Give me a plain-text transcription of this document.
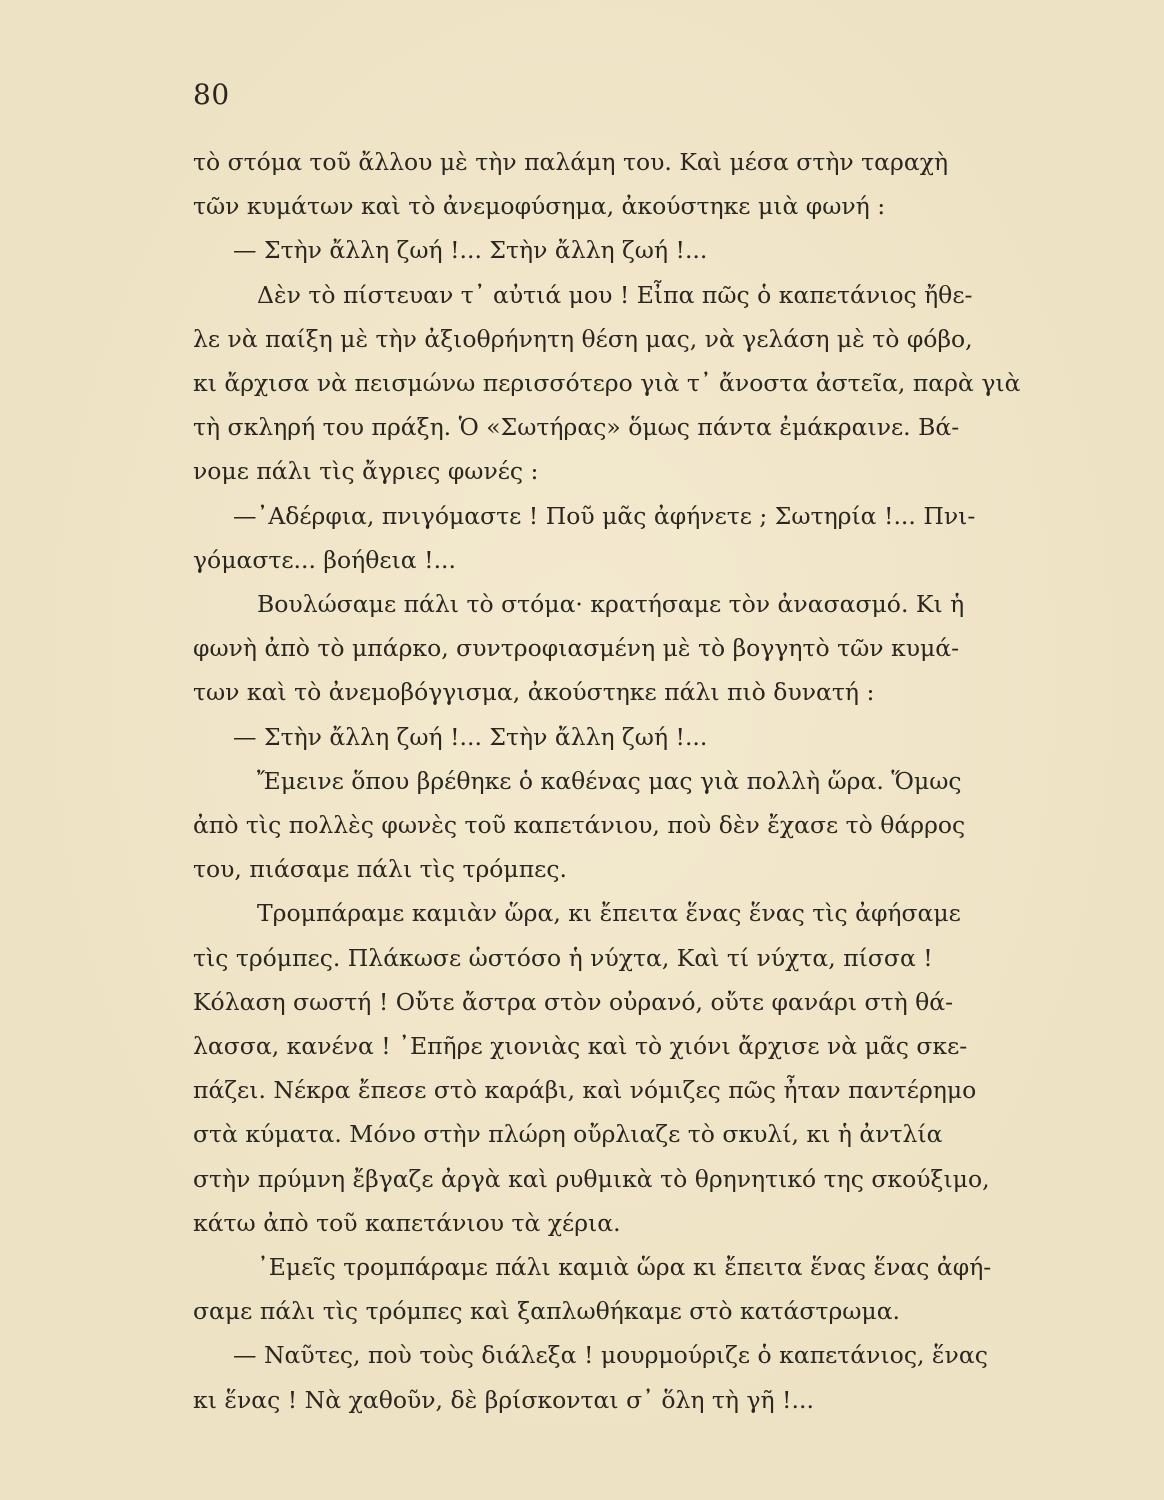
80
τὸ στόμα τοῦ ἄλλου μὲ τὴν παλάμη του. Καὶ μέσα στὴν ταραχὴ
τῶν κυμάτων καὶ τὸ ἀνεμοφύσημα, ἀκούστηκε μιὰ φωνή :
— Στὴν ἄλλη ζωή !... Στὴν ἄλλη ζωή !...
Δὲν τὸ πίστευαν τ᾽ αὐτιά μου ! Εἶπα πῶς ὁ καπετάνιος ἤθε-
λε νὰ παίξη μὲ τὴν ἀξιοθρήνητη θέση μας, νὰ γελάση μὲ τὸ φόβο,
κι ἄρχισα νὰ πεισμώνω περισσότερο γιὰ τ᾽ ἄνοστα ἀστεῖα, παρὰ γιὰ
τὴ σκληρή του πράξη. Ὁ «Σωτήρας» ὅμως πάντα ἐμάκραινε. Βά-
νομε πάλι τὶς ἄγριες φωνές :
—᾽Αδέρφια, πνιγόμαστε ! Ποῦ μᾶς ἀφήνετε ; Σωτηρία !... Πνι-
γόμαστε... βοήθεια !...
Βουλώσαμε πάλι τὸ στόμα· κρατήσαμε τὸν ἀνασασμό. Κι ἡ
φωνὴ ἀπὸ τὸ μπάρκο, συντροφιασμένη μὲ τὸ βογγητὸ τῶν κυμά-
των καὶ τὸ ἀνεμοβόγγισμα, ἀκούστηκε πάλι πιὸ δυνατή :
— Στὴν ἄλλη ζωή !... Στὴν ἄλλη ζωή !...
Ἔμεινε ὅπου βρέθηκε ὁ καθένας μας γιὰ πολλὴ ὥρα. Ὅμως
ἀπὸ τὶς πολλὲς φωνὲς τοῦ καπετάνιου, ποὺ δὲν ἔχασε τὸ θάρρος
του, πιάσαμε πάλι τὶς τρόμπες.
Τρομπάραμε καμιὰν ὥρα, κι ἔπειτα ἕνας ἕνας τὶς ἀφήσαμε
τὶς τρόμπες. Πλάκωσε ὡστόσο ἡ νύχτα, Καὶ τί νύχτα, πίσσα !
Κόλαση σωστή ! Οὔτε ἄστρα στὸν οὐρανό, οὔτε φανάρι στὴ θά-
λασσα, κανένα ! ᾽Επῆρε χιονιὰς καὶ τὸ χιόνι ἄρχισε νὰ μᾶς σκε-
πάζει. Νέκρα ἔπεσε στὸ καράβι, καὶ νόμιζες πῶς ἦταν παντέρημο
στὰ κύματα. Μόνο στὴν πλώρη οὔρλιαζε τὸ σκυλί, κι ἡ ἀντλία
στὴν πρύμνη ἔβγαζε ἀργὰ καὶ ρυθμικὰ τὸ θρηνητικό της σκούξιμο,
κάτω ἀπὸ τοῦ καπετάνιου τὰ χέρια.
᾽Εμεῖς τρομπάραμε πάλι καμιὰ ὥρα κι ἔπειτα ἕνας ἕνας ἀφή-
σαμε πάλι τὶς τρόμπες καὶ ξαπλωθήκαμε στὸ κατάστρωμα.
— Ναῦτες, ποὺ τοὺς διάλεξα ! μουρμούριζε ὁ καπετάνιος, ἕνας
κι ἕνας ! Νὰ χαθοῦν, δὲ βρίσκονται σ᾽ ὅλη τὴ γῆ !...
